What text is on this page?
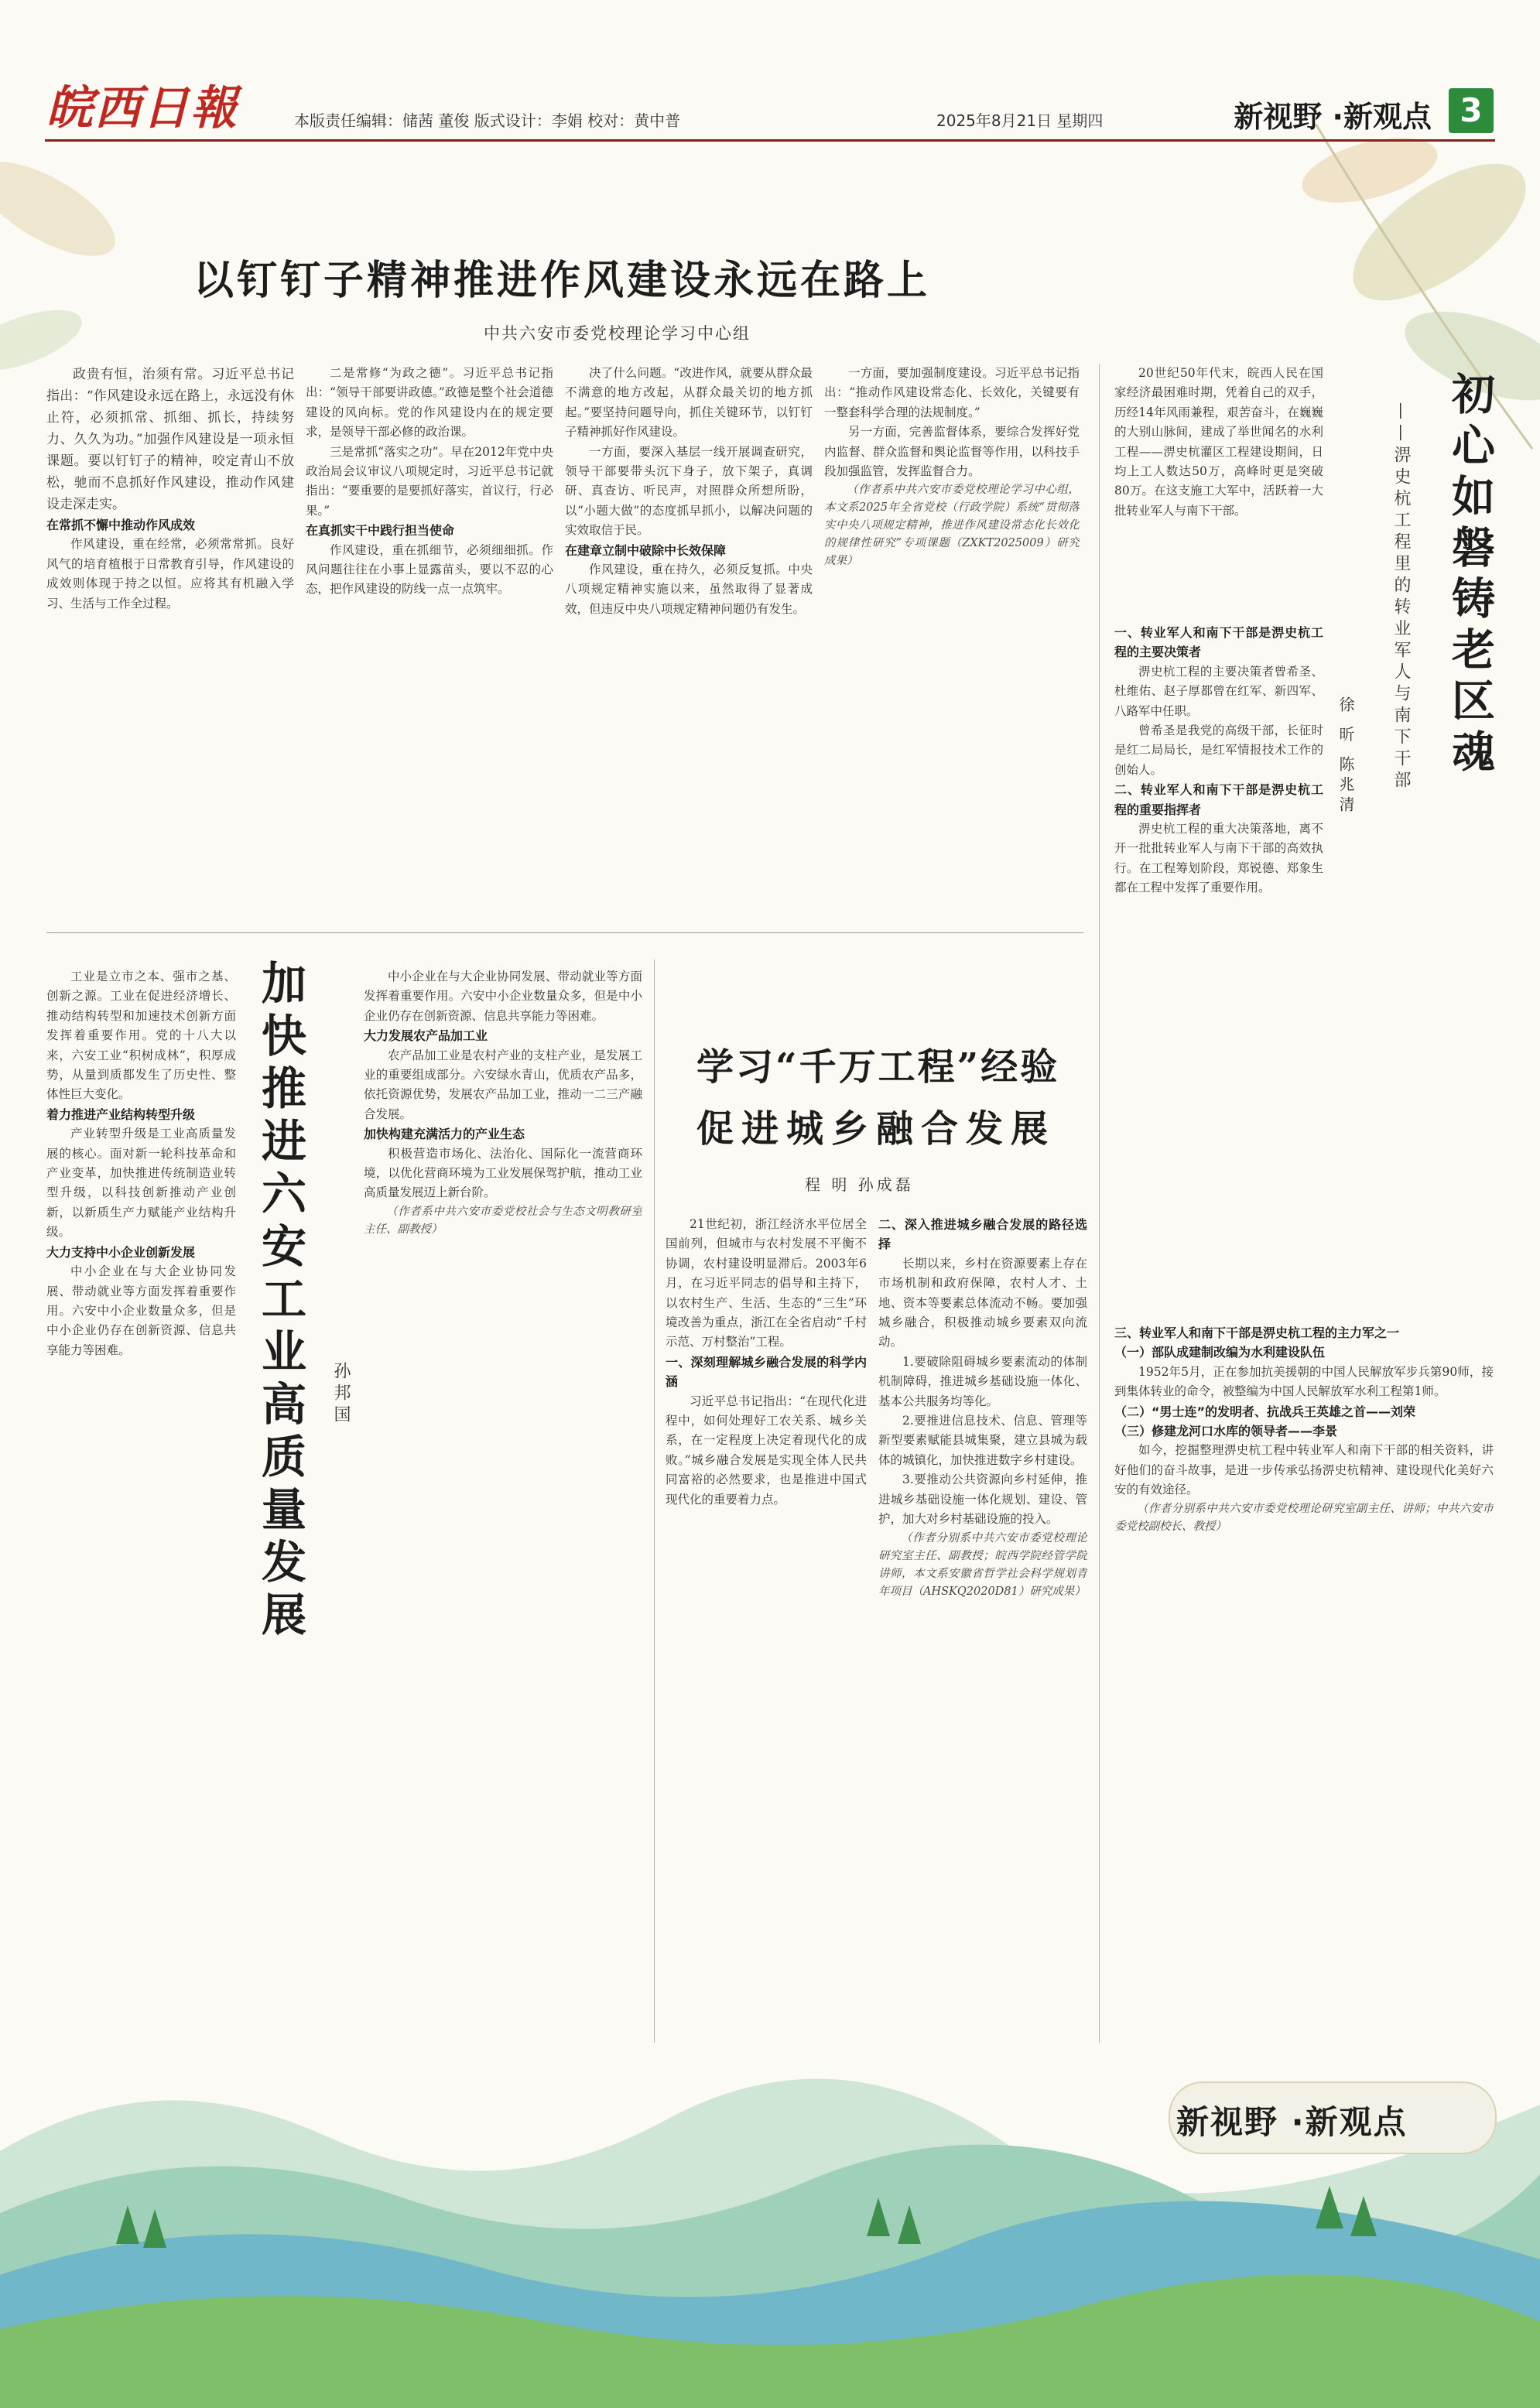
皖西日報	本版责任编辑：储茜 董俊 版式设计：李娟 校对：黄中普	2025年8月21日 星期四	新视野 ·新观点 3
以钉钉子精神推进作风建设永远在路上
中共六安市委党校理论学习中心组

政贵有恒，治须有常。习近平总书记指出：“作风建设永远在路上，永远没有休止符，必须抓常、抓细、抓长，持续努力、久久为功。”加强作风建设是一项永恒课题。要以钉钉子的精神，咬定青山不放松，驰而不息抓好作风建设，推动作风建设走深走实。

在常抓不懈中推动作风成效

作风建设，重在经常，必须常常抓。良好风气的培育植根于日常教育引导，作风建设的成效则体现于持之以恒。应将其有机融入学习、生活与工作全过程。

二是常修“为政之德”。习近平总书记指出：“领导干部要讲政德。”政德是整个社会道德建设的风向标。党的作风建设内在的规定要求，是领导干部必修的政治课。

三是常抓“落实之功”。早在2012年党中央政治局会议审议八项规定时，习近平总书记就指出：“要重要的是要抓好落实，首议行，行必果。”

在真抓实干中践行担当使命

作风建设，重在抓细节，必须细细抓。作风问题往往在小事上显露苗头，要以不忍的心态，把作风建设的防线一点一点筑牢。

决了什么问题。“改进作风，就要从群众最不满意的地方改起，从群众最关切的地方抓起。”要坚持问题导向，抓住关键环节，以钉钉子精神抓好作风建设。

一方面，要深入基层一线开展调查研究，领导干部要带头沉下身子，放下架子，真调研、真查访、听民声，对照群众所想所盼，以“小题大做”的态度抓早抓小，以解决问题的实效取信于民。

在建章立制中破除中长效保障

作风建设，重在持久，必须反复抓。中央八项规定精神实施以来，虽然取得了显著成效，但违反中央八项规定精神问题仍有发生。

一方面，要加强制度建设。习近平总书记指出：“推动作风建设常态化、长效化，关键要有一整套科学合理的法规制度。”

另一方面，完善监督体系，要综合发挥好党内监督、群众监督和舆论监督等作用，以科技手段加强监管，发挥监督合力。

（作者系中共六安市委党校理论学习中心组，本文系2025年全省党校（行政学院）系统“贯彻落实中央八项规定精神，推进作风建设常态化长效化的规律性研究”专项课题（ZXKT2025009）研究成果）

加快推进六安工业高质量发展	孙邦国

工业是立市之本、强市之基、创新之源。工业在促进经济增长、推动结构转型和加速技术创新方面发挥着重要作用。党的十八大以来，六安工业“积树成林”，积厚成势，从量到质都发生了历史性、整体性巨大变化。

着力推进产业结构转型升级

产业转型升级是工业高质量发展的核心。面对新一轮科技革命和产业变革，加快推进传统制造业转型升级，以科技创新推动产业创新，以新质生产力赋能产业结构升级。

大力支持中小企业创新发展

中小企业在与大企业协同发展、带动就业等方面发挥着重要作用。六安中小企业数量众多，但是中小企业仍存在创新资源、信息共享能力等困难。

中小企业在与大企业协同发展、带动就业等方面发挥着重要作用。六安中小企业数量众多，但是中小企业仍存在创新资源、信息共享能力等困难。

大力发展农产品加工业

农产品加工业是农村产业的支柱产业，是发展工业的重要组成部分。六安绿水青山，优质农产品多，依托资源优势，发展农产品加工业，推动一二三产融合发展。

加快构建充满活力的产业生态

积极营造市场化、法治化、国际化一流营商环境，以优化营商环境为工业发展保驾护航，推动工业高质量发展迈上新台阶。

（作者系中共六安市委党校社会与生态文明教研室主任、副教授）

学习“千万工程”经验
促进城乡融合发展
程 明 孙成磊

21世纪初，浙江经济水平位居全国前列，但城市与农村发展不平衡不协调，农村建设明显滞后。2003年6月，在习近平同志的倡导和主持下，以农村生产、生活、生态的“三生”环境改善为重点，浙江在全省启动“千村示范、万村整治”工程。

一、深刻理解城乡融合发展的科学内涵

习近平总书记指出：“在现代化进程中，如何处理好工农关系、城乡关系，在一定程度上决定着现代化的成败。”城乡融合发展是实现全体人民共同富裕的必然要求，也是推进中国式现代化的重要着力点。

二、深入推进城乡融合发展的路径选择

长期以来，乡村在资源要素上存在市场机制和政府保障，农村人才、土地、资本等要素总体流动不畅。要加强城乡融合，积极推动城乡要素双向流动。

1.要破除阻碍城乡要素流动的体制机制障碍，推进城乡基础设施一体化、基本公共服务均等化。

2.要推进信息技术、信息、管理等新型要素赋能县城集聚，建立县城为载体的城镇化，加快推进数字乡村建设。

3.要推动公共资源向乡村延伸，推进城乡基础设施一体化规划、建设、管护，加大对乡村基础设施的投入。

（作者分别系中共六安市委党校理论研究室主任、副教授；皖西学院经管学院讲师，本文系安徽省哲学社会科学规划青年项目（AHSKQ2020D81）研究成果）

20世纪50年代末，皖西人民在国家经济最困难时期，凭着自己的双手，历经14年风雨兼程，艰苦奋斗，在巍巍的大别山脉间，建成了举世闻名的水利工程——淠史杭灌区工程建设期间，日均上工人数达50万，高峰时更是突破80万。在这支施工大军中，活跃着一大批转业军人与南下干部。	初心如磐铸老区魂
——淠史杭工程里的转业军人与南下干部
徐 昕 陈兆清

一、转业军人和南下干部是淠史杭工程的主要决策者

淠史杭工程的主要决策者曾希圣、杜维佑、赵子厚都曾在红军、新四军、八路军中任职。

曾希圣是我党的高级干部，长征时是红二局局长，是红军情报技术工作的创始人。

二、转业军人和南下干部是淠史杭工程的重要指挥者

淠史杭工程的重大决策落地，离不开一批批转业军人与南下干部的高效执行。在工程筹划阶段，郑锐德、郑象生都在工程中发挥了重要作用。

三、转业军人和南下干部是淠史杭工程的主力军之一

（一）部队成建制改编为水利建设队伍

1952年5月，正在参加抗美援朝的中国人民解放军步兵第90师，接到集体转业的命令，被整编为中国人民解放军水利工程第1师。

（二）“男士连”的发明者、抗战兵王英雄之首——刘荣

（三）修建龙河口水库的领导者——李景

如今，挖掘整理淠史杭工程中转业军人和南下干部的相关资料，讲好他们的奋斗故事，是进一步传承弘扬淠史杭精神、建设现代化美好六安的有效途径。

（作者分别系中共六安市委党校理论研究室副主任、讲师；中共六安市委党校副校长、教授）

新视野 ·新观点
